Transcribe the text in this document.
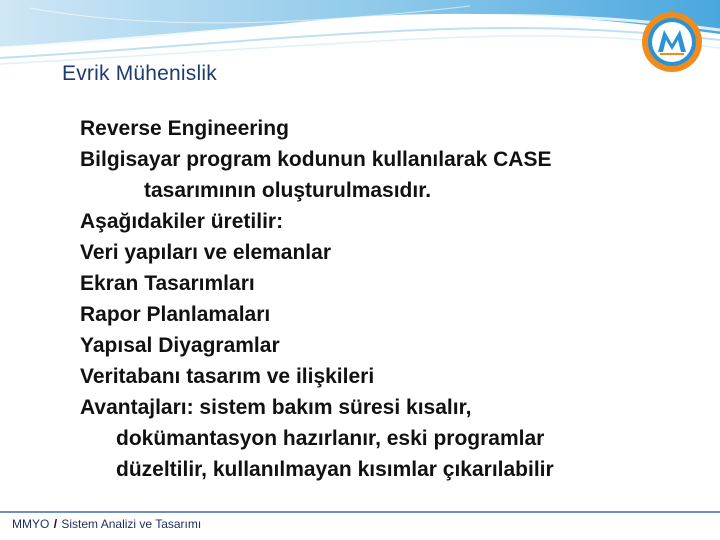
Evrik Mühenislik
Reverse Engineering
Bilgisayar program kodunun kullanılarak CASE
tasarımının oluşturulmasıdır.
Aşağıdakiler üretilir:
Veri yapıları ve elemanlar
Ekran Tasarımları
Rapor Planlamaları
Yapısal Diyagramlar
Veritabanı tasarım ve ilişkileri
Avantajları: sistem bakım süresi kısalır,
dokümantasyon hazırlanır, eski programlar
düzeltilir, kullanılmayan kısımlar çıkarılabilir
MMYO / Sistem Analizi ve Tasarımı
